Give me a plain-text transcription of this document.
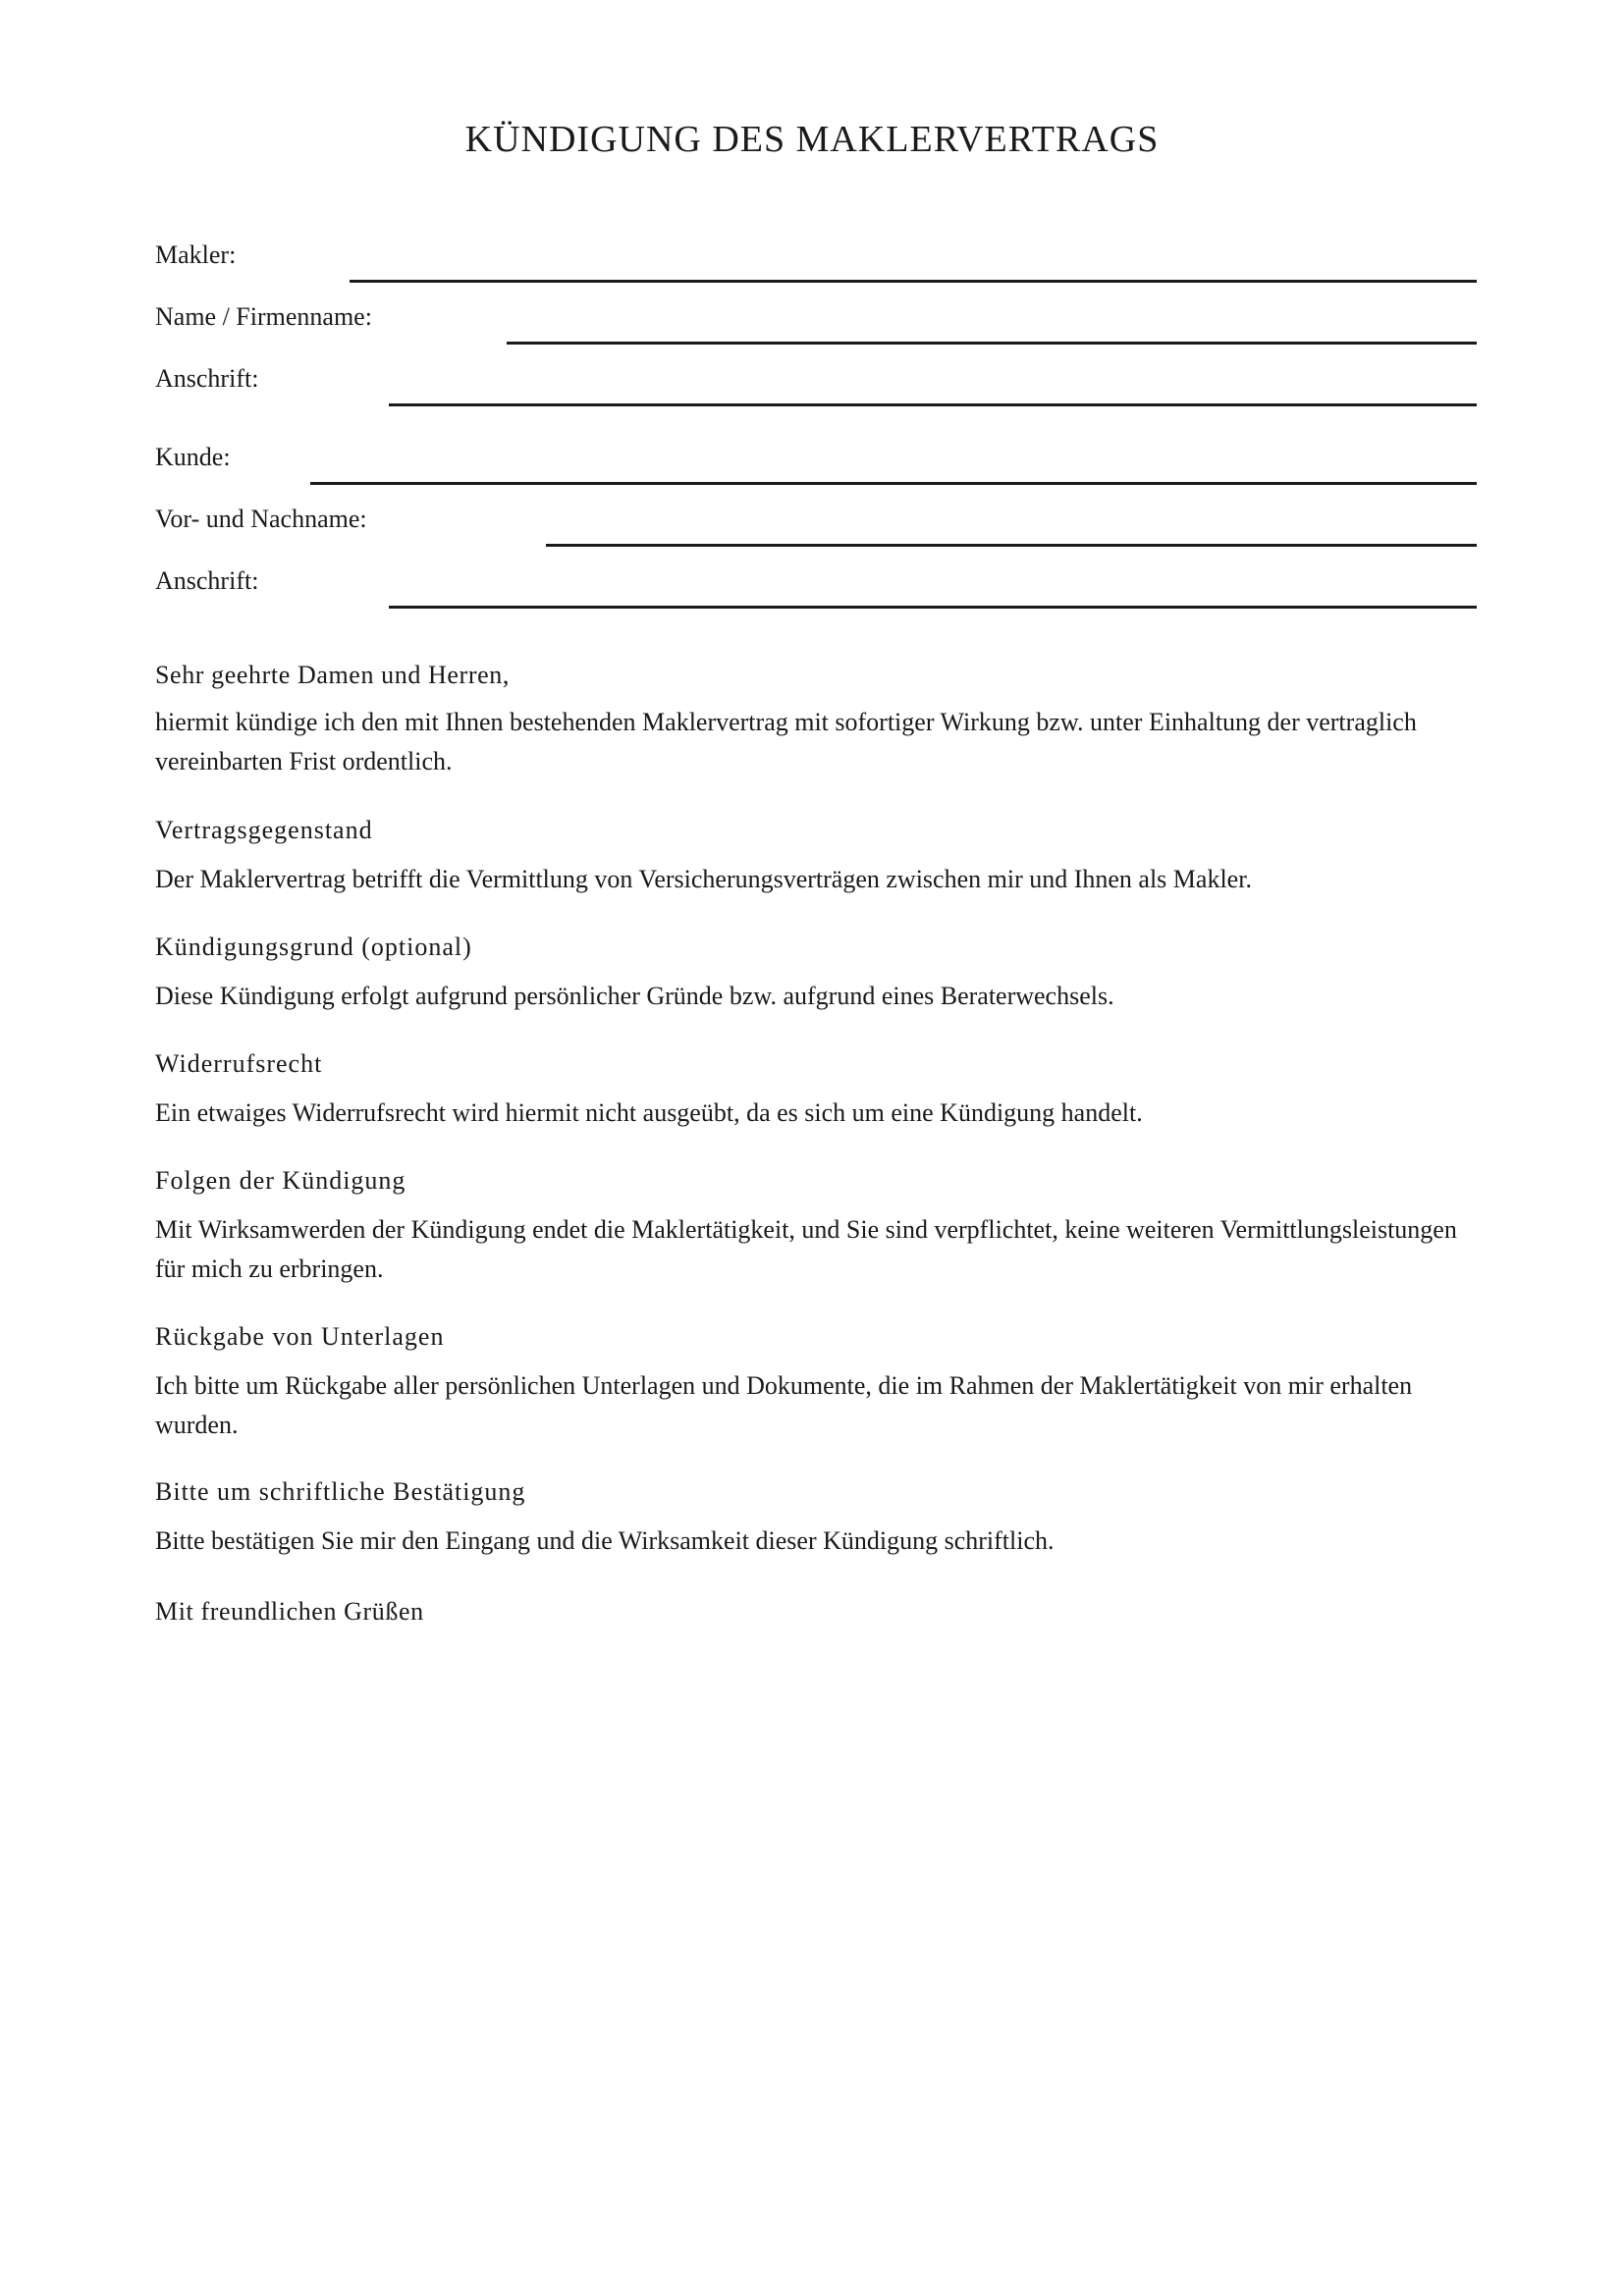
KÜNDIGUNG DES MAKLERVERTRAGS
Makler:
Name / Firmenname:
Anschrift:
Kunde:
Vor- und Nachname:
Anschrift:

Sehr geehrte Damen und Herren,

hiermit kündige ich den mit Ihnen bestehenden Maklervertrag mit sofortiger Wirkung bzw. unter Einhaltung der vertraglich vereinbarten Frist ordentlich.

Vertragsgegenstand

Der Maklervertrag betrifft die Vermittlung von Versicherungsverträgen zwischen mir und Ihnen als Makler.

Kündigungsgrund (optional)

Diese Kündigung erfolgt aufgrund persönlicher Gründe bzw. aufgrund eines Beraterwechsels.

Widerrufsrecht

Ein etwaiges Widerrufsrecht wird hiermit nicht ausgeübt, da es sich um eine Kündigung handelt.

Folgen der Kündigung

Mit Wirksamwerden der Kündigung endet die Maklertätigkeit, und Sie sind verpflichtet, keine weiteren Vermittlungsleistungen für mich zu erbringen.

Rückgabe von Unterlagen

Ich bitte um Rückgabe aller persönlichen Unterlagen und Dokumente, die im Rahmen der Maklertätigkeit von mir erhalten wurden.

Bitte um schriftliche Bestätigung

Bitte bestätigen Sie mir den Eingang und die Wirksamkeit dieser Kündigung schriftlich.

Mit freundlichen Grüßen
